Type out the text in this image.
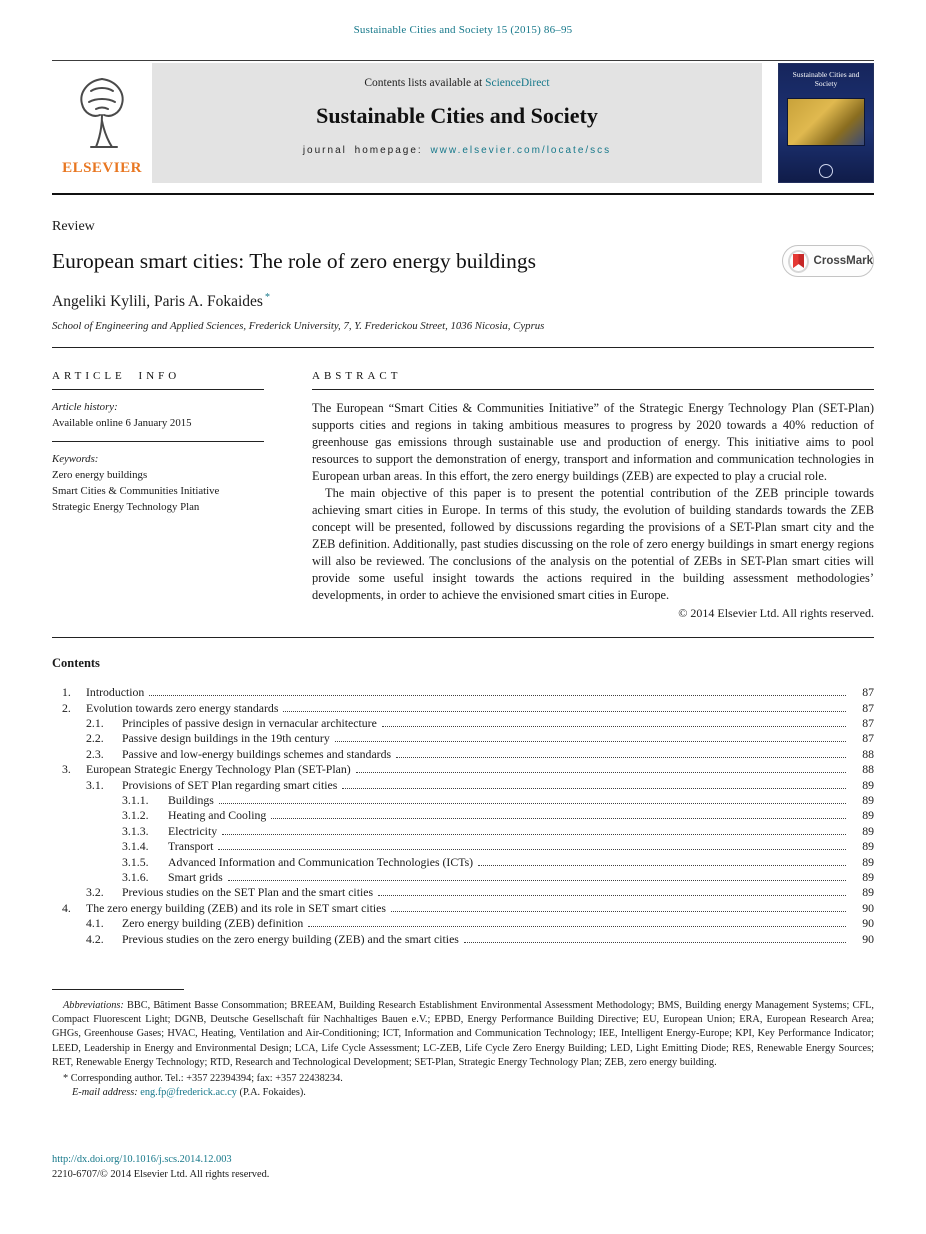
Sustainable Cities and Society 15 (2015) 86–95
ELSEVIER
Contents lists available at ScienceDirect
Sustainable Cities and Society
journal homepage: www.elsevier.com/locate/scs
Sustainable Cities and Society
Review
European smart cities: The role of zero energy buildings	CrossMark
Angeliki Kylili, Paris A. Fokaides *
School of Engineering and Applied Sciences, Frederick University, 7, Y. Frederickou Street, 1036 Nicosia, Cyprus
ARTICLE INFO
Article history:
Available online 6 January 2015
Keywords:
Zero energy buildings
Smart Cities & Communities Initiative
Strategic Energy Technology Plan
ABSTRACT

The European “Smart Cities & Communities Initiative” of the Strategic Energy Technology Plan (SET-Plan) supports cities and regions in taking ambitious measures to progress by 2020 towards a 40% reduction of greenhouse gas emissions through sustainable use and production of energy. This initiative aims to pool resources to support the demonstration of energy, transport and information and communication technologies in European urban areas. In this effort, the zero energy buildings (ZEB) are expected to play a crucial role.

The main objective of this paper is to present the potential contribution of the ZEB principle towards achieving smart cities in Europe. In terms of this study, the evolution of building standards towards the ZEB concept will be presented, followed by discussions regarding the provisions of a SET-Plan smart city and the ZEB definition. Additionally, past studies discussing on the role of zero energy buildings in smart energy regions will also be reviewed. The conclusions of the analysis on the potential of ZEBs in SET-Plan smart cities will provide some useful insight towards the actions required in the building assessment methodologies’ developments, in order to achieve the envisioned smart cities in Europe.

© 2014 Elsevier Ltd. All rights reserved.
Contents
1.	Introduction	87
2.	Evolution towards zero energy standards	87
2.1.	Principles of passive design in vernacular architecture	87
2.2.	Passive design buildings in the 19th century	87
2.3.	Passive and low-energy buildings schemes and standards	88
3.	European Strategic Energy Technology Plan (SET-Plan)	88
3.1.	Provisions of SET Plan regarding smart cities	89
3.1.1.	Buildings	89
3.1.2.	Heating and Cooling	89
3.1.3.	Electricity	89
3.1.4.	Transport	89
3.1.5.	Advanced Information and Communication Technologies (ICTs)	89
3.1.6.	Smart grids	89
3.2.	Previous studies on the SET Plan and the smart cities	89
4.	The zero energy building (ZEB) and its role in SET smart cities	90
4.1.	Zero energy building (ZEB) definition	90
4.2.	Previous studies on the zero energy building (ZEB) and the smart cities	90

Abbreviations: BBC, Bâtiment Basse Consommation; BREEAM, Building Research Establishment Environmental Assessment Methodology; BMS, Building energy Management Systems; CFL, Compact Fluorescent Light; DGNB, Deutsche Gesellschaft für Nachhaltiges Bauen e.V.; EPBD, Energy Performance Building Directive; EU, European Union; ERA, European Research Area; GHGs, Greenhouse Gases; HVAC, Heating, Ventilation and Air-Conditioning; ICT, Information and Communication Technology; IEE, Intelligent Energy-Europe; KPI, Key Performance Indicator; LEED, Leadership in Energy and Environmental Design; LCA, Life Cycle Assessment; LC-ZEB, Life Cycle Zero Energy Building; LED, Light Emitting Diode; RES, Renewable Energy Sources; RET, Renewable Energy Technology; RTD, Research and Technological Development; SET-Plan, Strategic Energy Technology Plan; ZEB, zero energy building.

* Corresponding author. Tel.: +357 22394394; fax: +357 22438234.

E-mail address: eng.fp@frederick.ac.cy (P.A. Fokaides).

http://dx.doi.org/10.1016/j.scs.2014.12.003
2210-6707/© 2014 Elsevier Ltd. All rights reserved.
